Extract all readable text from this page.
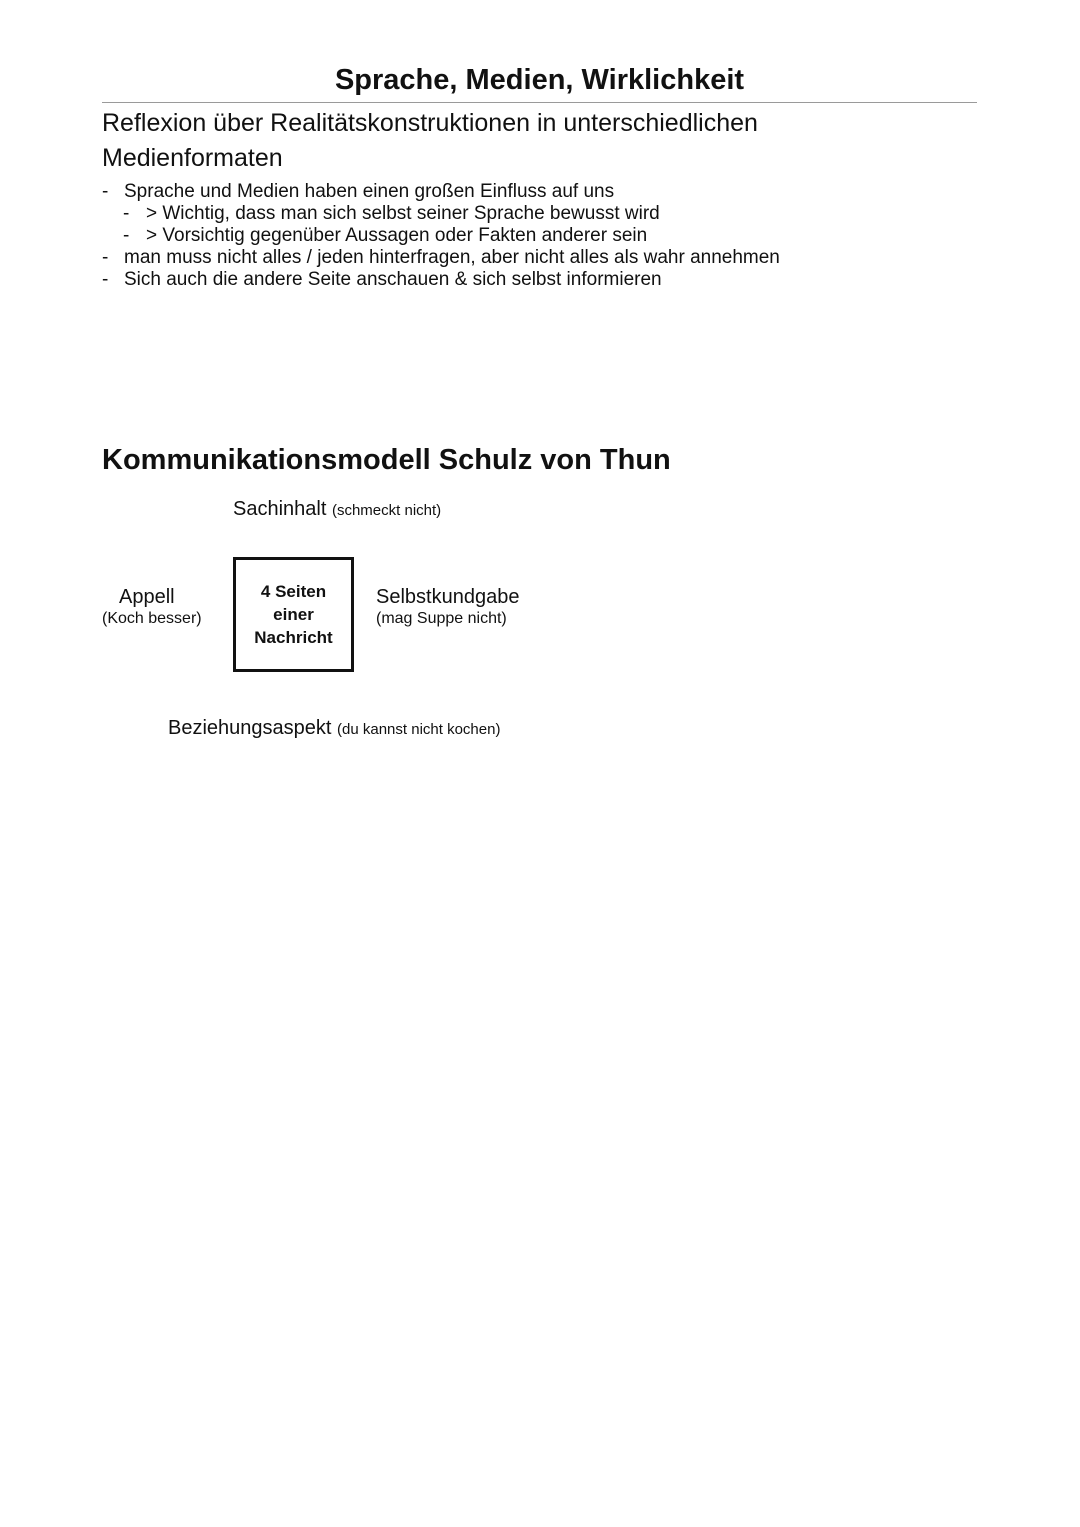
Sprache, Medien, Wirklichkeit
Reflexion über Realitätskonstruktionen in unterschiedlichen Medienformaten
- Sprache und Medien haben einen großen Einfluss auf uns
- > Wichtig, dass man sich selbst seiner Sprache bewusst wird
- > Vorsichtig gegenüber Aussagen oder Fakten anderer sein
- man muss nicht alles / jeden hinterfragen, aber nicht alles als wahr annehmen
- Sich auch die andere Seite anschauen & sich selbst informieren
Kommunikationsmodell Schulz von Thun
Sachinhalt (schmeckt nicht)
Appell
(Koch besser)
4 Seiten
einer
Nachricht
Selbstkundgabe
(mag Suppe nicht)
Beziehungsaspekt (du kannst nicht kochen)
